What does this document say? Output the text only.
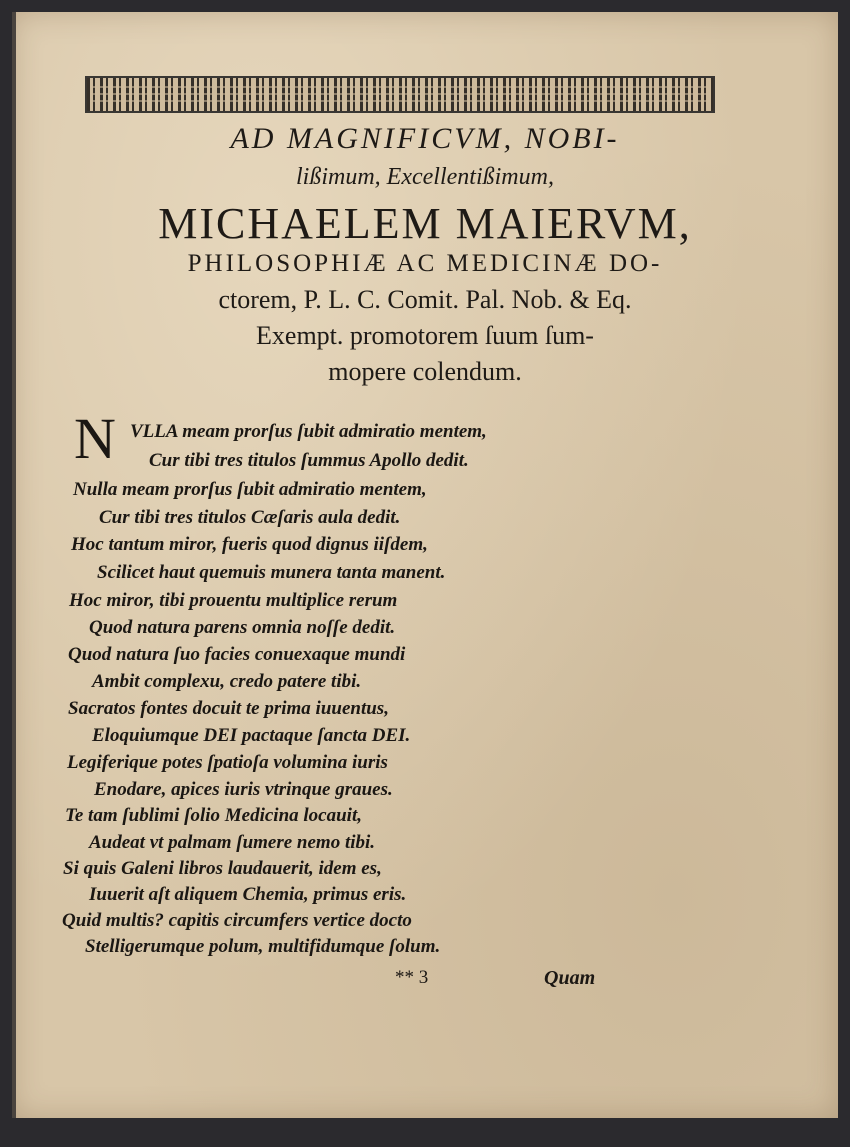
AD MAGNIFICVM, NOBI-

lißimum, Excellentißimum,

MICHAELEM MAIERVM,

PHILOSOPHIÆ AC MEDICINÆ DO-

ctorem, P. L. C. Comit. Pal. Nob. & Eq.

Exempt. promotorem ſuum ſum-

mopere colendum.

N VLLA meam prorſus ſubit admiratio mentem,

Cur tibi tres titulos ſummus Apollo dedit.

Nulla meam prorſus ſubit admiratio mentem,

Cur tibi tres titulos Cæſaris aula dedit.

Hoc tantum miror, fueris quod dignus iiſdem,

Scilicet haut quemuis munera tanta manent.

Hoc miror, tibi prouentu multiplice rerum

Quod natura parens omnia noſſe dedit.

Quod natura ſuo facies conuexaque mundi

Ambit complexu, credo patere tibi.

Sacratos fontes docuit te prima iuuentus,

Eloquiumque DEI pactaque ſancta DEI.

Legiferique potes ſpatioſa volumina iuris

Enodare, apices iuris vtrinque graues.

Te tam ſublimi ſolio Medicina locauit,

Audeat vt palmam ſumere nemo tibi.

Si quis Galeni libros laudauerit, idem es,

Iuuerit aſt aliquem Chemia, primus eris.

Quid multis? capitis circumfers vertice docto

Stelligerumque polum, multifidumque ſolum.

** 3	Quam
